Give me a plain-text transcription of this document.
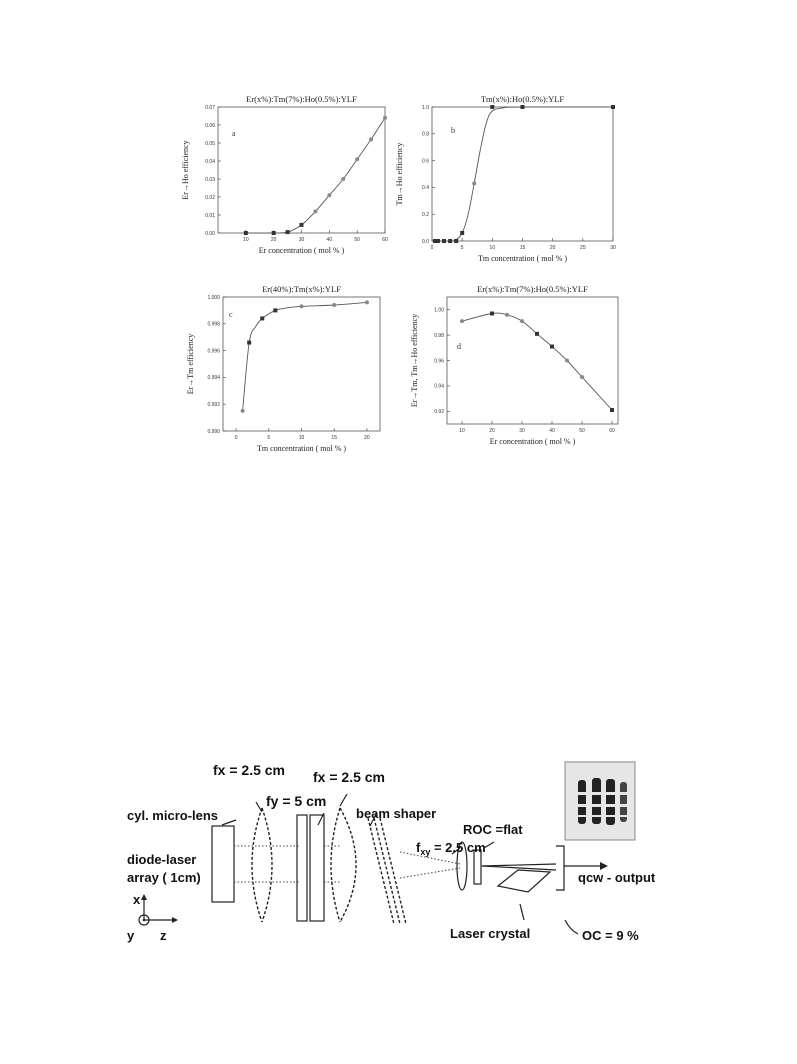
Er(x%):Tm(7%):Ho(0.5%):YLF
Er concentration ( mol % )
Er→Ho efficiency
a
10	20	30	40	50	60
0.00
0.01
0.02
0.03
0.04
0.05
0.06
0.07
Tm(x%):Ho(0.5%):YLF
Tm concentration ( mol % )
Tm→Ho efficiency
b
0	5	10	15	20	25	30
0.0
0.2
0.4
0.6
0.8
1.0
Er(40%):Tm(x%):YLF
Tm concentration ( mol % )
Er→Tm efficiency
c
0	5	10	15	20
0.990
0.992
0.994
0.996
0.998
1.000
Er(x%):Tm(7%):Ho(0.5%):YLF
Er concentration ( mol % )
Er→Tm, Tm→Ho efficiency	d
10	20	30	40	50	60
0.92
0.94
0.96
0.98
1.00
fx = 2.5 cm fx = 2.5 cm
fy = 5 cm
cyl. micro-lens	beam shaper
diode-laser
array ( 1cm)
$f_{xy} = 2.5$ cm
ROC =flat
qcw - output
Laser crystal	OC = 9 %
x
y z
